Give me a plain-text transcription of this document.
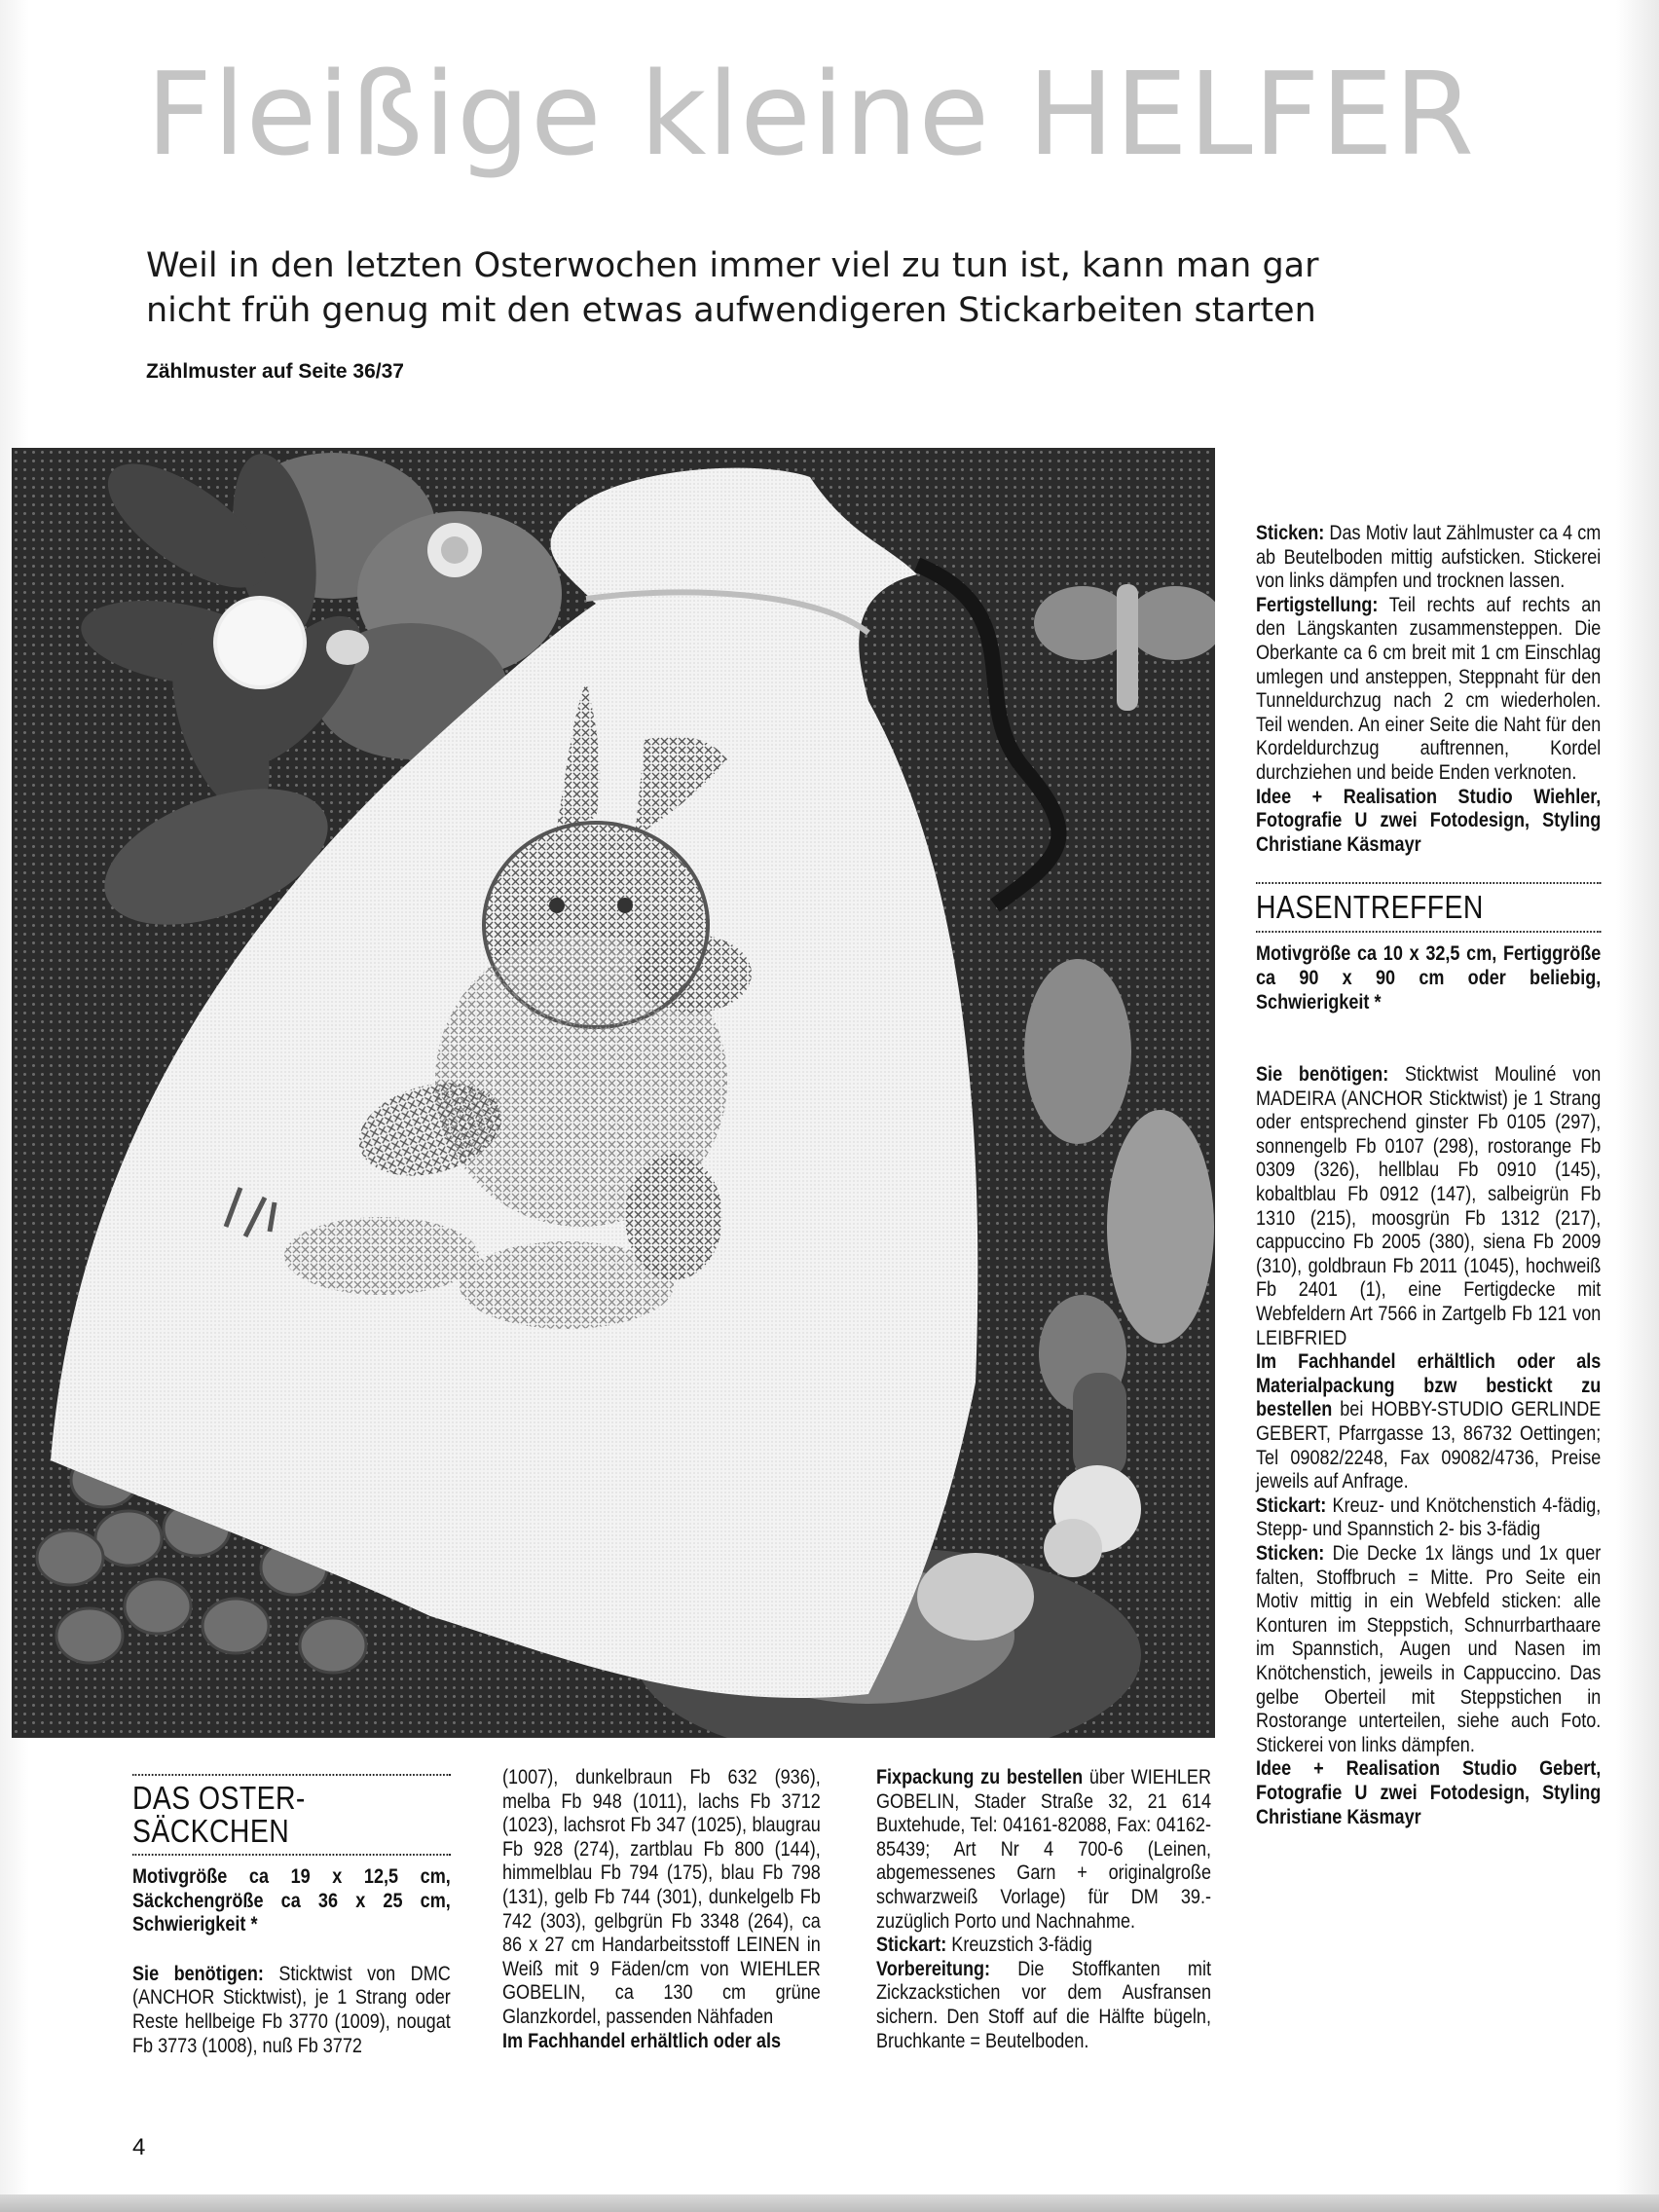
Fleißige kleine HELFER
Weil in den letzten Osterwochen immer viel zu tun ist, kann man gar
nicht früh genug mit den etwas aufwendigeren Stickarbeiten starten
Zählmuster auf Seite 36/37

Sticken: Das Motiv laut Zählmuster ca 4 cm ab Beutelboden mittig aufsticken. Stickerei von links dämpfen und trocknen lassen.

Fertigstellung: Teil rechts auf rechts an den Längskanten zusammensteppen. Die Oberkante ca 6 cm breit mit 1 cm Einschlag umlegen und ansteppen, Steppnaht für den Tunneldurchzug nach 2 cm wiederholen. Teil wenden. An einer Seite die Naht für den Kordeldurchzug auftrennen, Kordel durchziehen und beide Enden verknoten.

Idee + Realisation Studio Wiehler, Fotografie U zwei Fotodesign, Styling Christiane Käsmayr

HASENTREFFEN

Motivgröße ca 10 x 32,5 cm, Fertiggröße ca 90 x 90 cm oder beliebig, Schwierigkeit *

Sie benötigen: Sticktwist Mouliné von MADEIRA (ANCHOR Sticktwist) je 1 Strang oder entsprechend ginster Fb 0105 (297), sonnengelb Fb 0107 (298), rostorange Fb 0309 (326), hellblau Fb 0910 (145), kobaltblau Fb 0912 (147), salbeigrün Fb 1310 (215), moosgrün Fb 1312 (217), cappuccino Fb 2005 (380), siena Fb 2009 (310), goldbraun Fb 2011 (1045), hochweiß Fb 2401 (1), eine Fertigdecke mit Webfeldern Art 7566 in Zartgelb Fb 121 von LEIBFRIED

Im Fachhandel erhältlich oder als Materialpackung bzw bestickt zu bestellen bei HOBBY-STUDIO GERLINDE GEBERT, Pfarrgasse 13, 86732 Oettingen; Tel 09082/2248, Fax 09082/4736, Preise jeweils auf Anfrage.

Stickart: Kreuz- und Knötchenstich 4-fädig, Stepp- und Spannstich 2- bis 3-fädig

Sticken: Die Decke 1x längs und 1x quer falten, Stoffbruch = Mitte. Pro Seite ein Motiv mittig in ein Webfeld sticken: alle Konturen im Steppstich, Schnurrbarthaare im Spannstich, Augen und Nasen im Knötchenstich, jeweils in Cappuccino. Das gelbe Oberteil mit Steppstichen in Rostorange unterteilen, siehe auch Foto. Stickerei von links dämpfen.

Idee + Realisation Studio Gebert, Fotografie U zwei Fotodesign, Styling Christiane Käsmayr

DAS OSTER-
SÄCKCHEN

Motivgröße ca 19 x 12,5 cm, Säckchengröße ca 36 x 25 cm, Schwierigkeit *

Sie benötigen: Sticktwist von DMC (ANCHOR Sticktwist), je 1 Strang oder Reste hellbeige Fb 3770 (1009), nougat Fb 3773 (1008), nuß Fb 3772

(1007), dunkelbraun Fb 632 (936), melba Fb 948 (1011), lachs Fb 3712 (1023), lachsrot Fb 347 (1025), blaugrau Fb 928 (274), zartblau Fb 800 (144), himmelblau Fb 794 (175), blau Fb 798 (131), gelb Fb 744 (301), dunkelgelb Fb 742 (303), gelbgrün Fb 3348 (264), ca 86 x 27 cm Handarbeitsstoff LEINEN in Weiß mit 9 Fäden/cm von WIEHLER GOBELIN, ca 130 cm grüne Glanzkordel, passenden Nähfaden

Im Fachhandel erhältlich oder als

Fixpackung zu bestellen über WIEHLER GOBELIN, Stader Straße 32, 21 614 Buxtehude, Tel: 04161-82088, Fax: 04162-85439; Art Nr 4 700-6 (Leinen, abgemessenes Garn + originalgroße schwarzweiß Vorlage) für DM 39.- zuzüglich Porto und Nachnahme.

Stickart: Kreuzstich 3-fädig

Vorbereitung: Die Stoffkanten mit Zickzackstichen vor dem Ausfransen sichern. Den Stoff auf die Hälfte bügeln, Bruchkante = Beutelboden.

4
